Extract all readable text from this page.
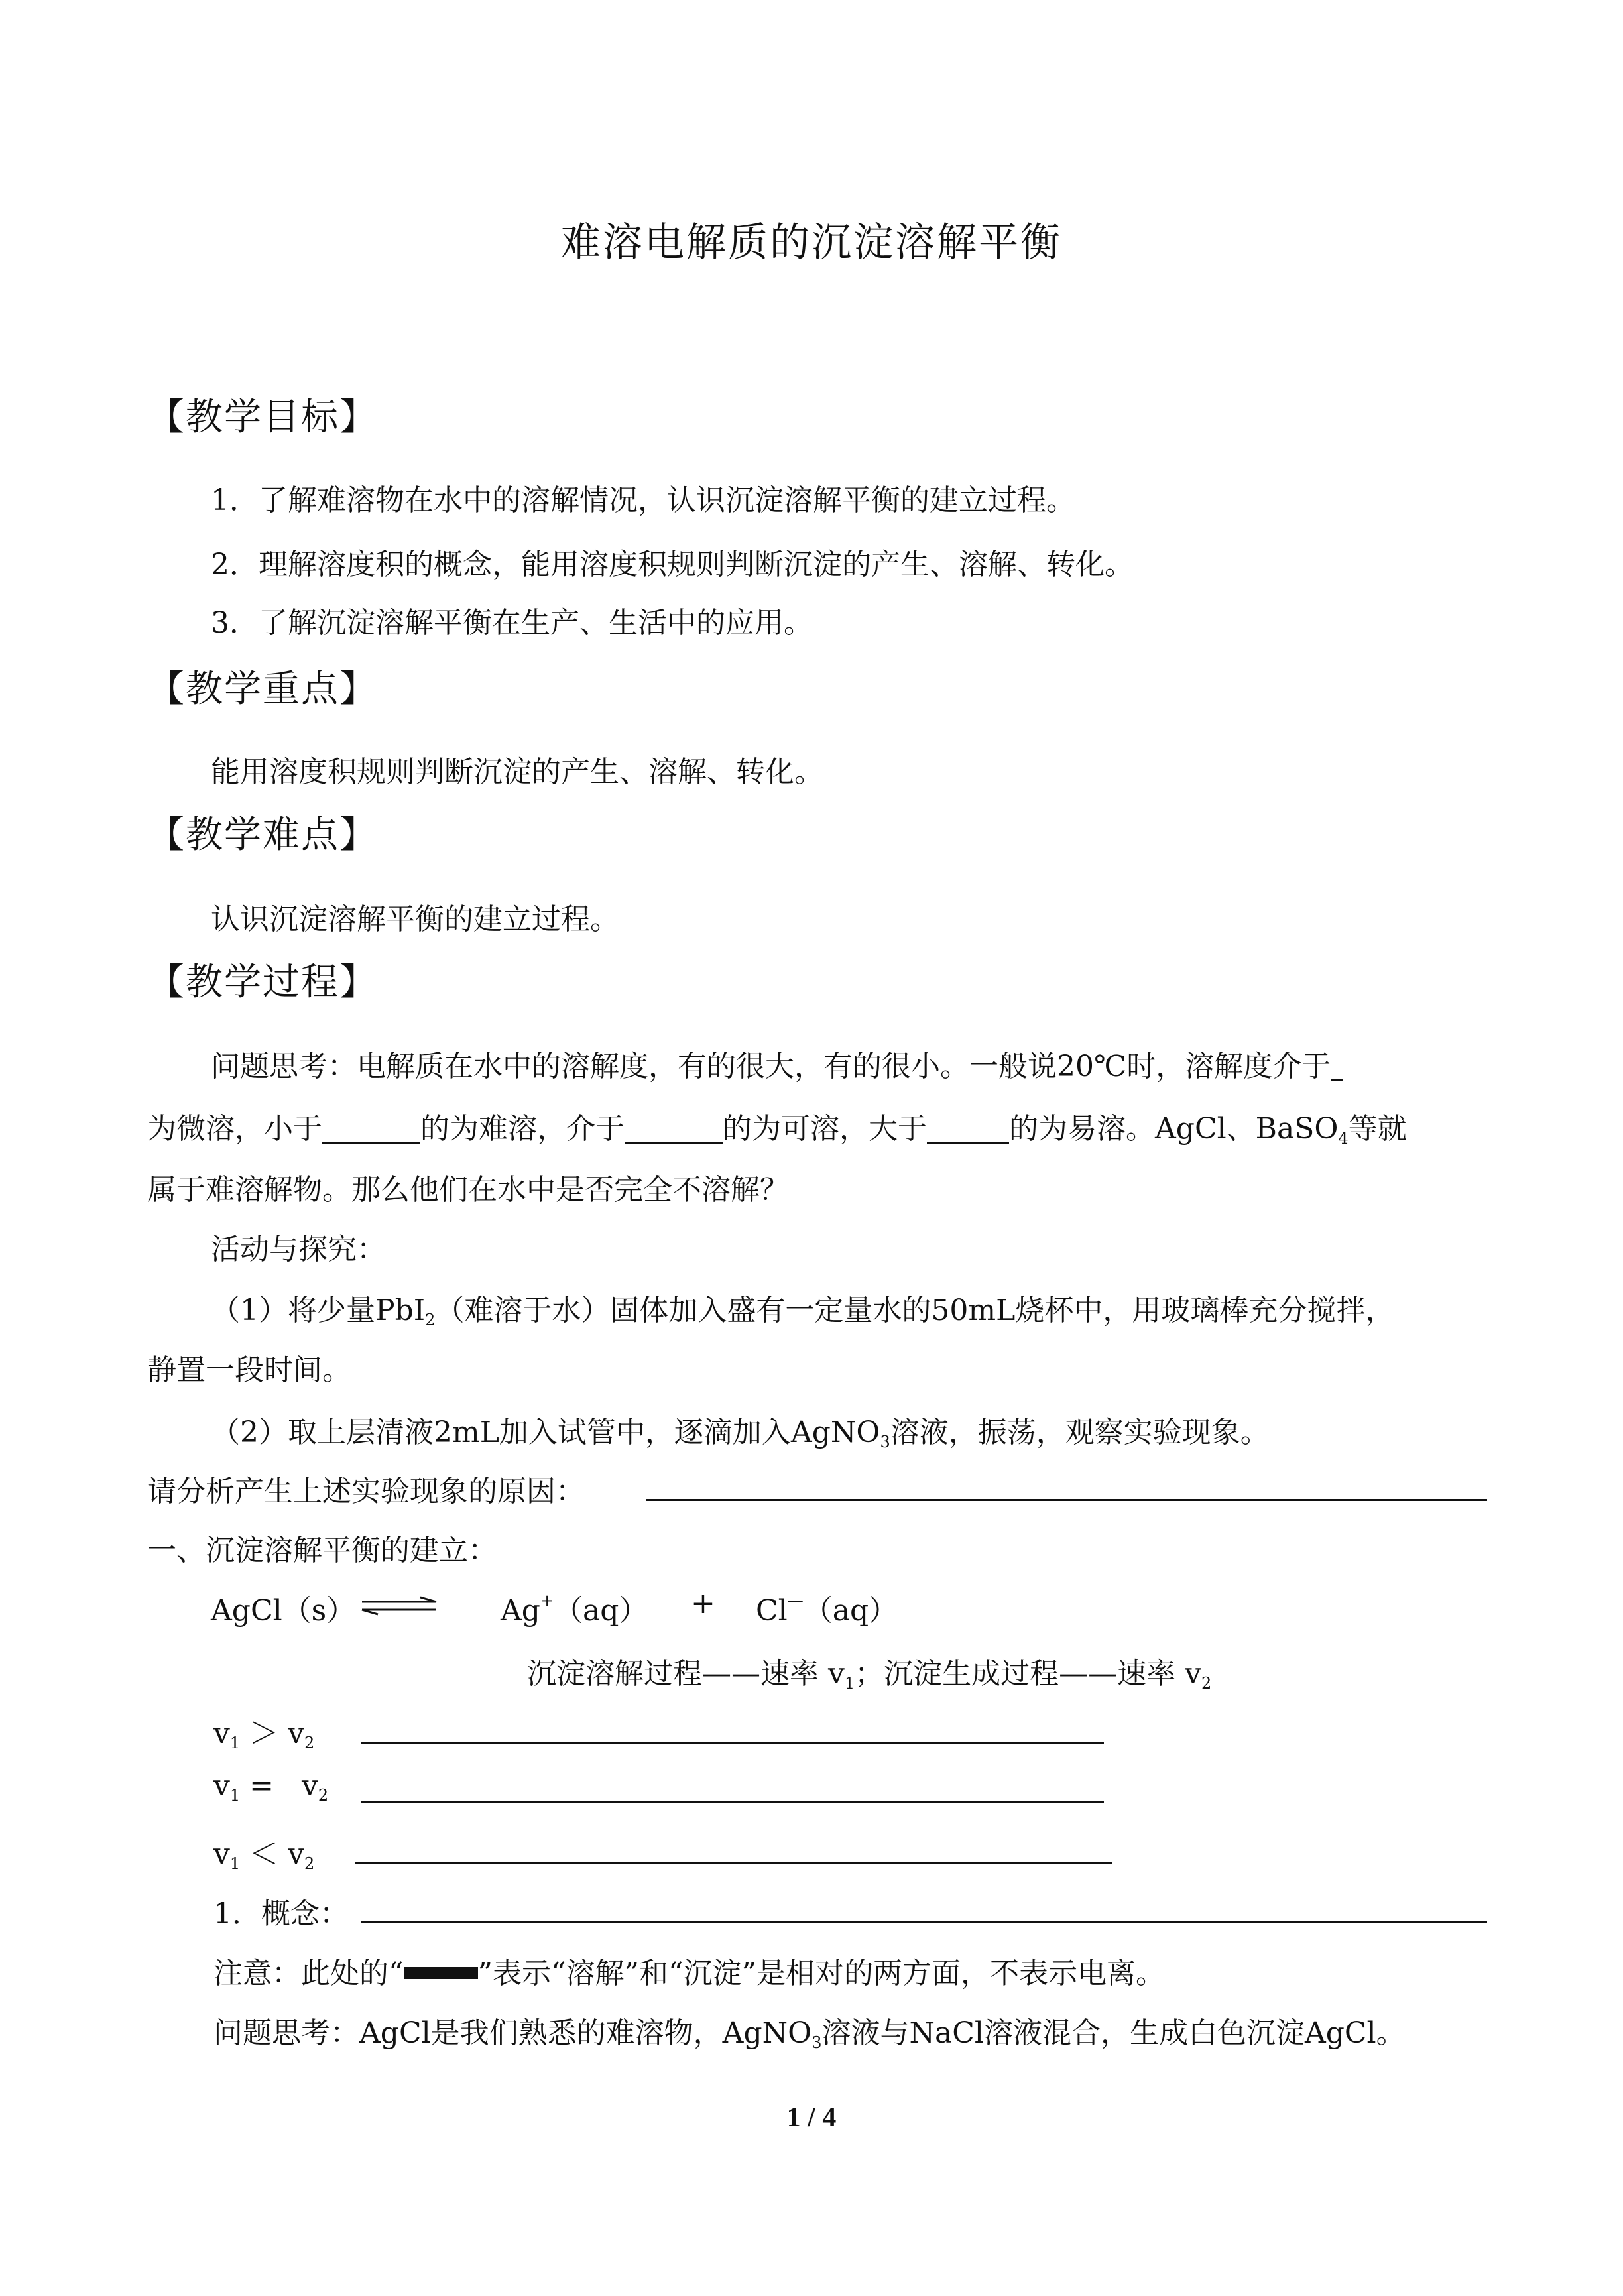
难溶电解质的沉淀溶解平衡
【教学目标】
1．了解难溶物在水中的溶解情况，认识沉淀溶解平衡的建立过程。
2．理解溶度积的概念，能用溶度积规则判断沉淀的产生、溶解、转化。
3．了解沉淀溶解平衡在生产、生活中的应用。
【教学重点】
能用溶度积规则判断沉淀的产生、溶解、转化。
【教学难点】
认识沉淀溶解平衡的建立过程。
【教学过程】
问题思考：电解质在水中的溶解度，有的很大，有的很小。一般说20℃时，溶解度介于
为微溶，小于	的为难溶，介于	的为可溶，大于	的为易溶。AgCl、BaSO$_4$等就
属于难溶解物。那么他们在水中是否完全不溶解？
活动与探究：
（1）将少量PbI$_2$（难溶于水）固体加入盛有一定量水的50mL烧杯中，用玻璃棒充分搅拌，
静置一段时间。
（2）取上层清液2mL加入试管中，逐滴加入AgNO$_3$溶液，振荡，观察实验现象。
请分析产生上述实验现象的原因：
一、沉淀溶解平衡的建立：
AgCl（s）	Ag+（aq） + Cl—（aq）
沉淀溶解过程——速率 $v_1$；沉淀生成过程——速率 $v_2$
$v_1 > v_2$
$v_1 = v_2$
$v_1 < v_2$
1．概念：
注意：此处的“	”表示“溶解”和“沉淀”是相对的两方面，不表示电离。
问题思考：AgCl是我们熟悉的难溶物，AgNO$_3$溶液与NaCl溶液混合，生成白色沉淀AgCl。
1 / 4
